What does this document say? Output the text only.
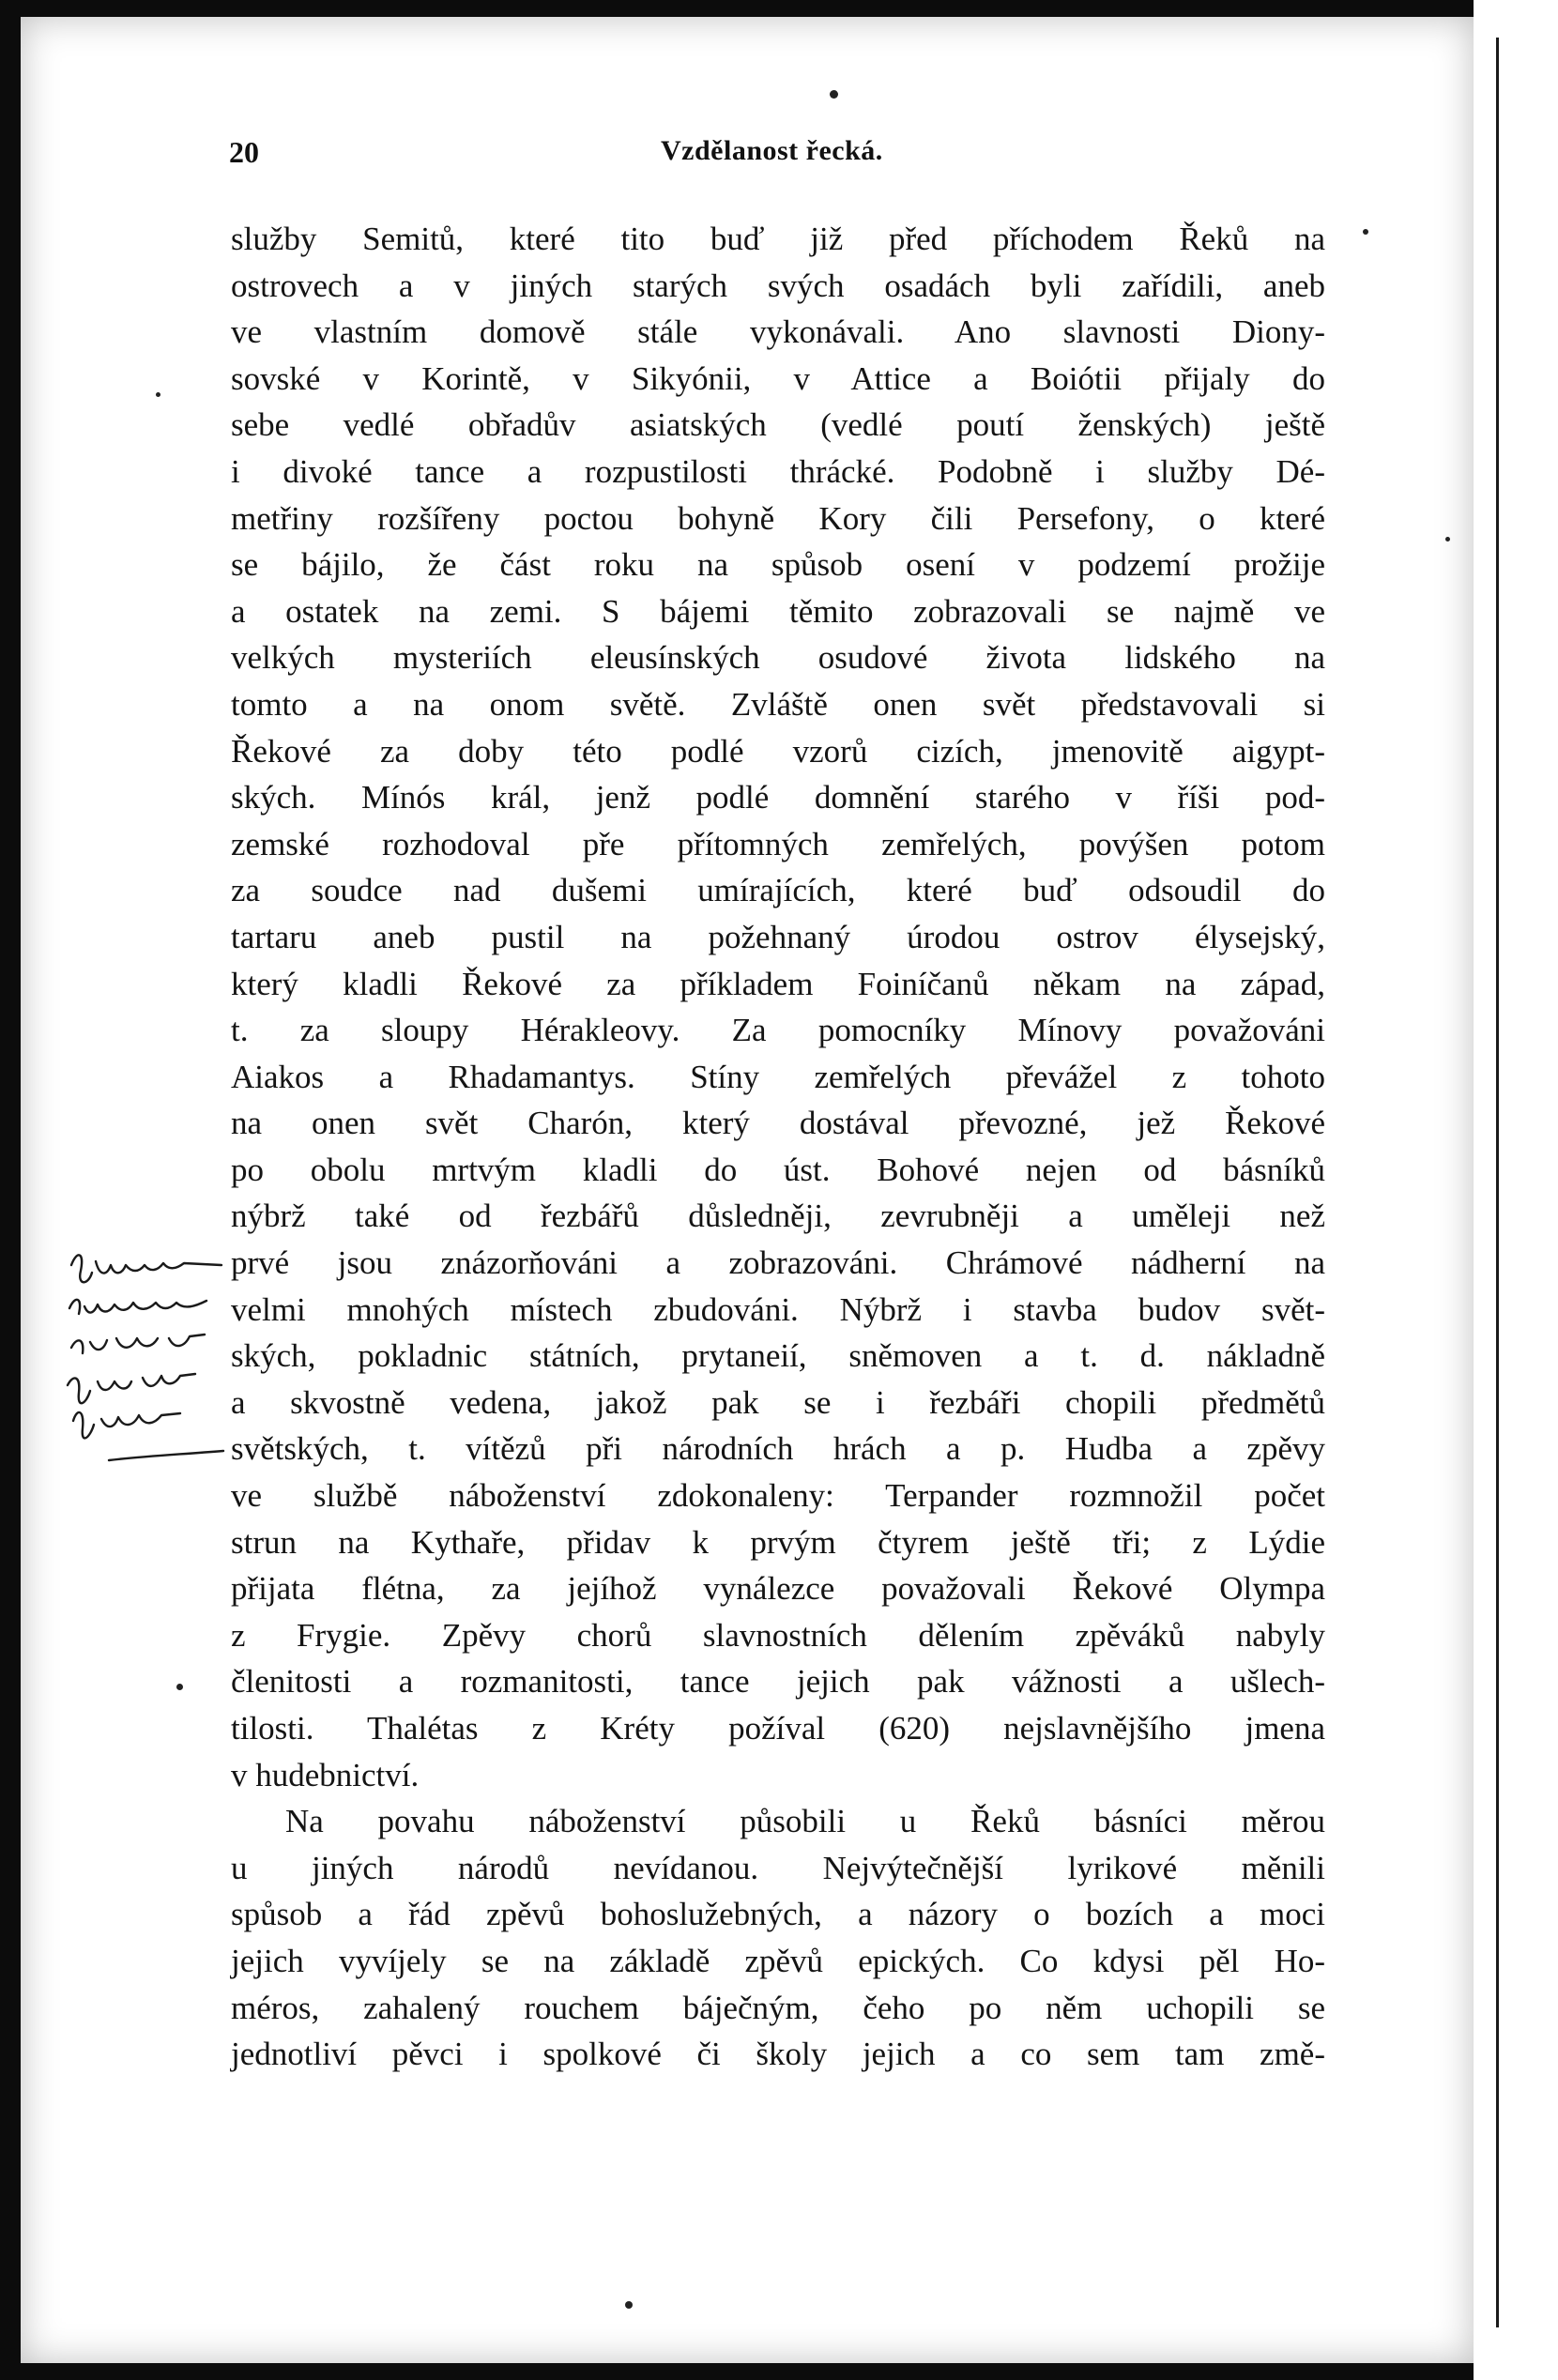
20	Vzdělanost řecká.
služby Semitů, které tito buď již před příchodem Řeků na
ostrovech a v jiných starých svých osadách byli zařídili, aneb
ve vlastním domově stále vykonávali. Ano slavnosti Diony-
sovské v Korintě, v Sikyónii, v Attice a Boiótii přijaly do
sebe vedlé obřadův asiatských (vedlé poutí ženských) ještě
i divoké tance a rozpustilosti thrácké. Podobně i služby Dé-
metřiny rozšířeny poctou bohyně Kory čili Persefony, o které
se bájilo, že část roku na spůsob osení v podzemí prožije
a ostatek na zemi. S bájemi těmito zobrazovali se najmě ve
velkých mysteriích eleusínských osudové života lidského na
tomto a na onom světě. Zvláště onen svět představovali si
Řekové za doby této podlé vzorů cizích, jmenovitě aigypt-
ských. Mínós král, jenž podlé domnění starého v říši pod-
zemské rozhodoval pře přítomných zemřelých, povýšen potom
za soudce nad dušemi umírajících, které buď odsoudil do
tartaru aneb pustil na požehnaný úrodou ostrov élysejský,
který kladli Řekové za příkladem Foiníčanů někam na západ,
t. za sloupy Hérakleovy. Za pomocníky Mínovy považováni
Aiakos a Rhadamantys. Stíny zemřelých převážel z tohoto
na onen svět Charón, který dostával převozné, jež Řekové
po obolu mrtvým kladli do úst. Bohové nejen od básníků
nýbrž také od řezbářů důsledněji, zevrubněji a uměleji než
prvé jsou znázorňováni a zobrazováni. Chrámové nádherní na
velmi mnohých místech zbudováni. Nýbrž i stavba budov svět-
ských, pokladnic státních, prytaneií, sněmoven a t. d. nákladně
a skvostně vedena, jakož pak se i řezbáři chopili předmětů
světských, t. vítězů při národních hrách a p. Hudba a zpěvy
ve službě náboženství zdokonaleny: Terpander rozmnožil počet
strun na Kythaře, přidav k prvým čtyrem ještě tři; z Lýdie
přijata flétna, za jejíhož vynálezce považovali Řekové Olympa
z Frygie. Zpěvy chorů slavnostních dělením zpěváků nabyly
členitosti a rozmanitosti, tance jejich pak vážnosti a ušlech-
tilosti. Thalétas z Kréty požíval (620) nejslavnějšího jmena
v hudebnictví.
Na povahu náboženství působili u Řeků básníci měrou
u jiných národů nevídanou. Nejvýtečnější lyrikové měnili
spůsob a řád zpěvů bohoslužebných, a názory o bozích a moci
jejich vyvíjely se na základě zpěvů epických. Co kdysi pěl Ho-
méros, zahalený rouchem báječným, čeho po něm uchopili se
jednotliví pěvci i spolkové či školy jejich a co sem tam změ-
